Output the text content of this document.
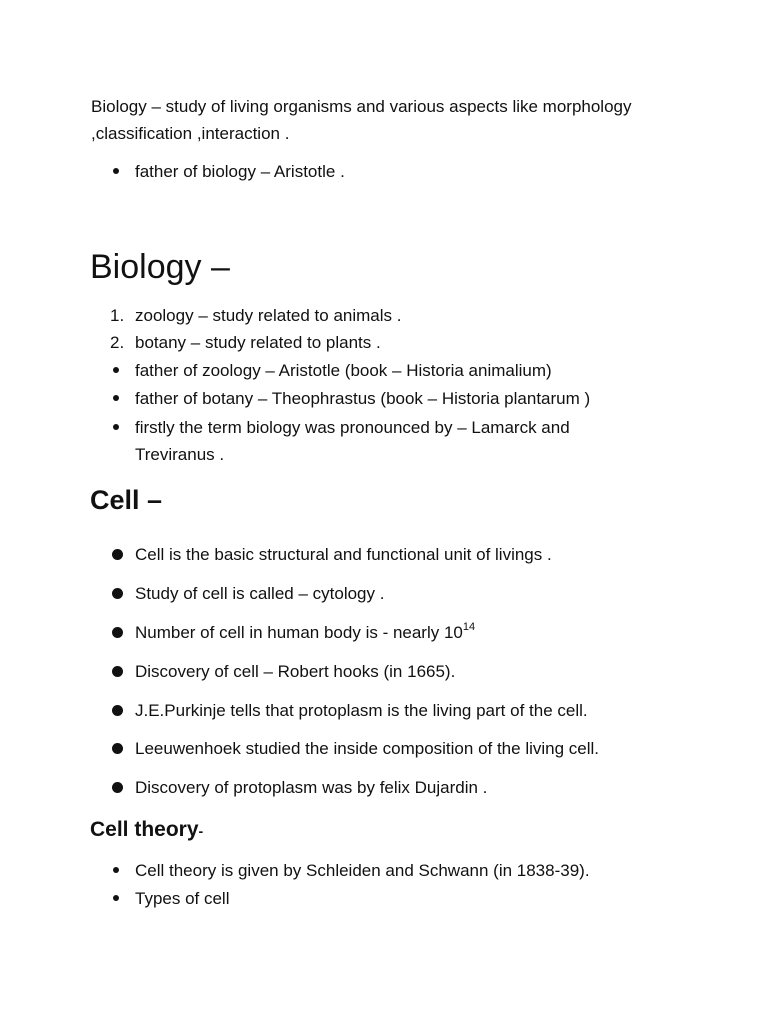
Biology – study of living organisms and various aspects like morphology ,classification ,interaction .

father of biology – Aristotle .
Biology –
1. zoology – study related to animals .
2. botany – study related to plants .
father of zoology – Aristotle (book – Historia animalium)
father of botany – Theophrastus (book – Historia plantarum )
firstly the term biology was pronounced by – Lamarck and Treviranus .
Cell –
Cell is the basic structural and functional unit of livings .
Study of cell is called – cytology .
Number of cell in human body is - nearly $10^{14}$
Discovery of cell – Robert hooks (in 1665).
J.E.Purkinje tells that protoplasm is the living part of the cell.
Leeuwenhoek studied the inside composition of the living cell.
Discovery of protoplasm was by felix Dujardin .
Cell theory-
Cell theory is given by Schleiden and Schwann (in 1838-39).
Types of cell
